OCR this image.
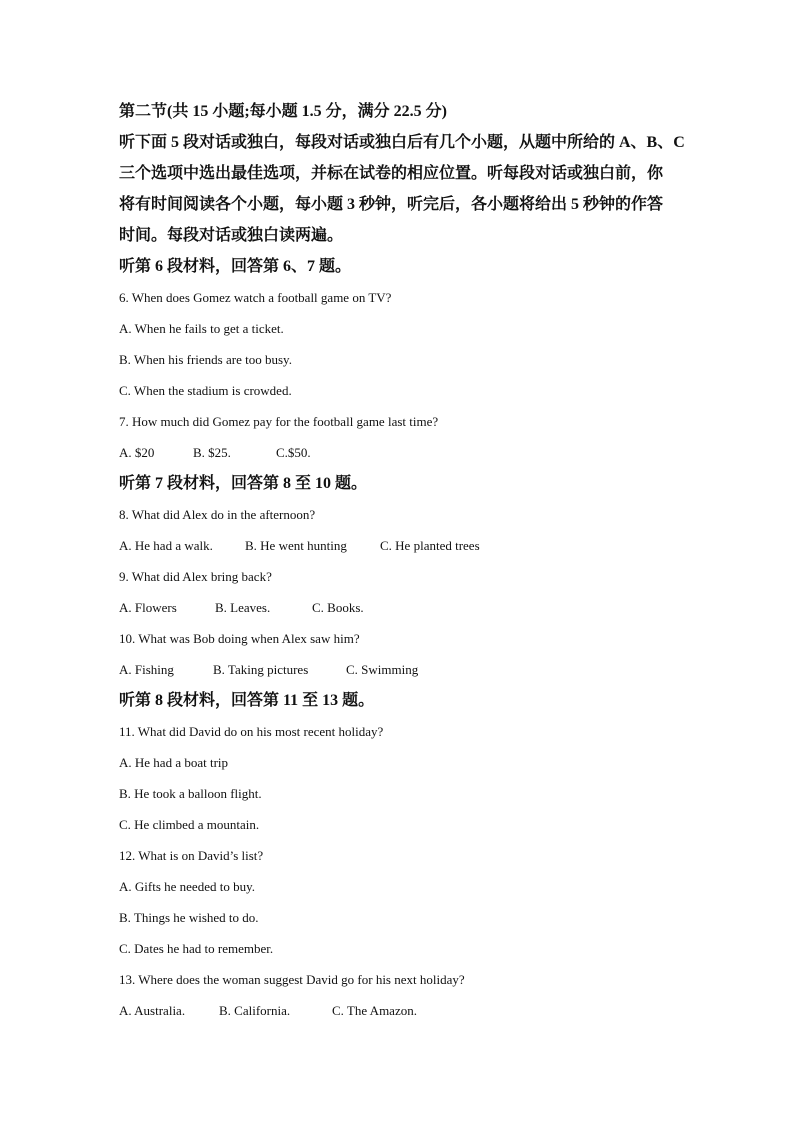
第二节(共 15 小题;每小题 1.5 分，满分 22.5 分)
听下面 5 段对话或独白，每段对话或独白后有几个小题，从题中所给的 A、B、C
三个选项中选出最佳选项，并标在试卷的相应位置。听每段对话或独白前，你
将有时间阅读各个小题，每小题 3 秒钟，听完后，各小题将给出 5 秒钟的作答
时间。每段对话或独白读两遍。
听第 6 段材料，回答第 6、7 题。
6. When does Gomez watch a football game on TV?
A. When he fails to get a ticket.
B. When his friends are too busy.
C. When the stadium is crowded.
7. How much did Gomez pay for the football game last time?
A. $20	B. $25.	C.$50.
听第 7 段材料，回答第 8 至 10 题。
8. What did Alex do in the afternoon?
A. He had a walk. B. He went hunting	C. He planted trees
9. What did Alex bring back?
A. Flowers	B. Leaves.	C. Books.
10. What was Bob doing when Alex saw him?
A. Fishing	B. Taking pictures	C. Swimming
听第 8 段材料，回答第 11 至 13 题。
11. What did David do on his most recent holiday?
A. He had a boat trip
B. He took a balloon flight.
C. He climbed a mountain.
12. What is on David’s list?
A. Gifts he needed to buy.
B. Things he wished to do.
C. Dates he had to remember.
13. Where does the woman suggest David go for his next holiday?
A. Australia.	B. California.	C. The Amazon.
